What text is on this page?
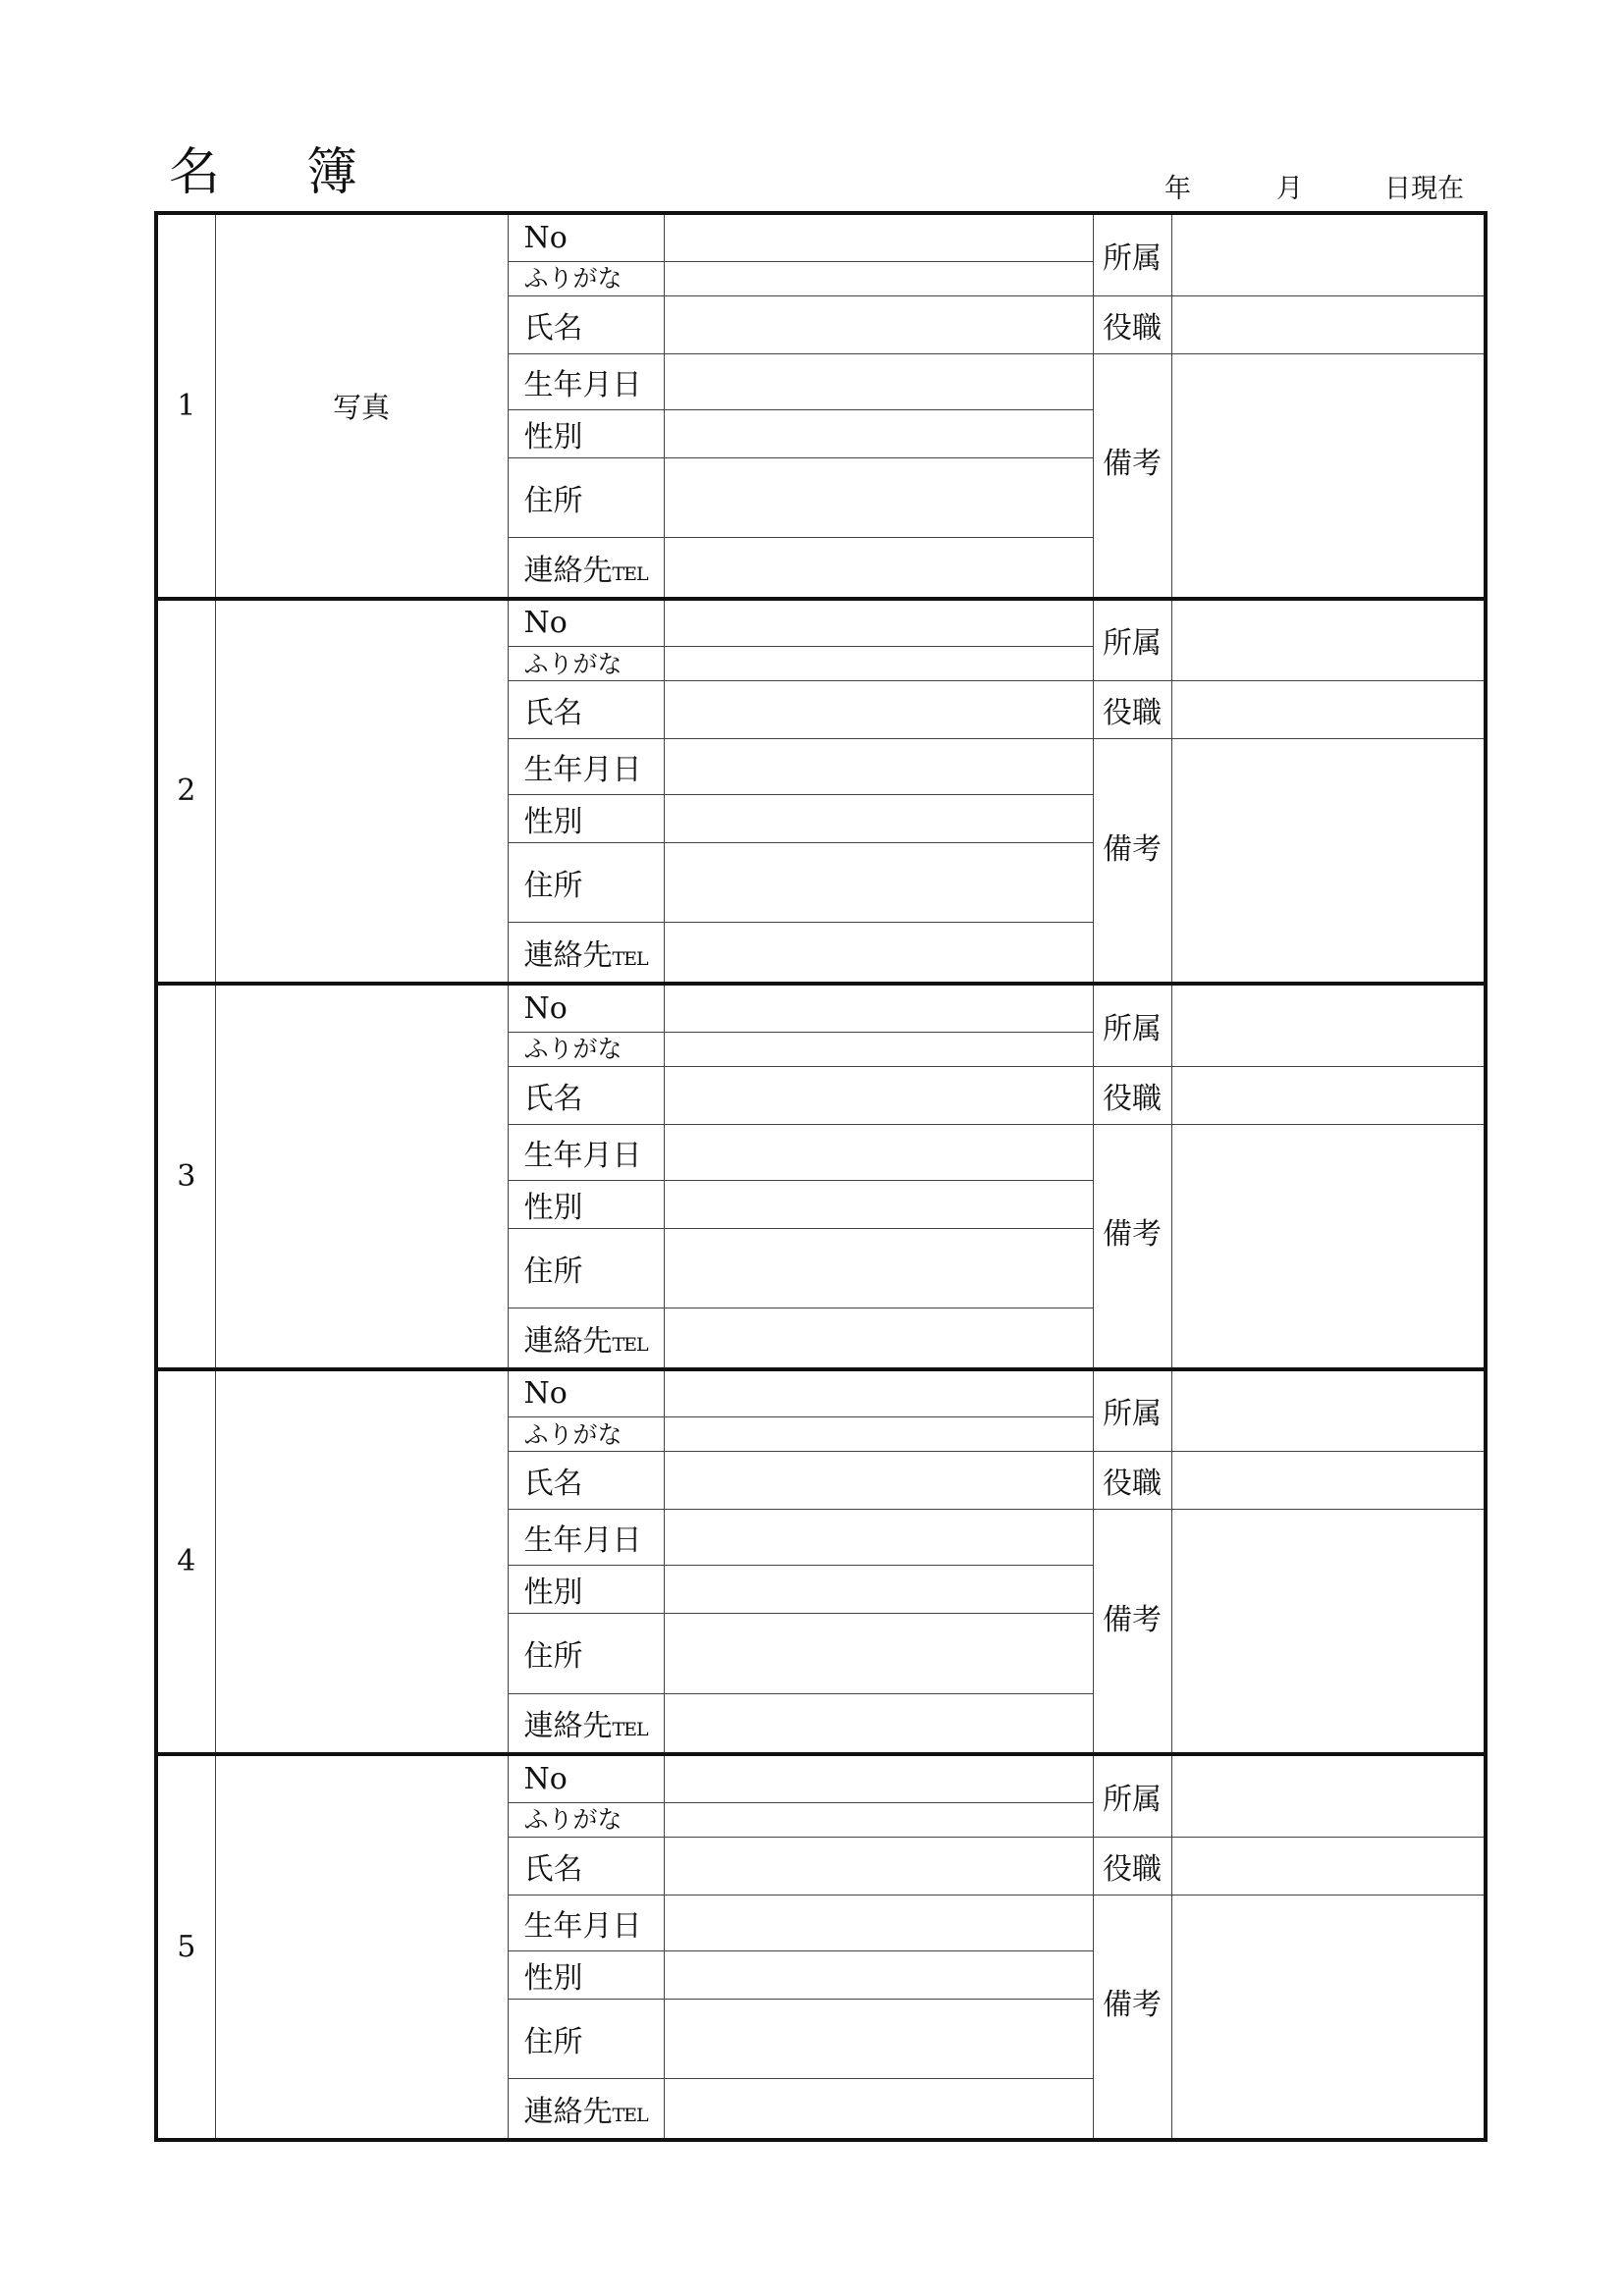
名簿	年	月	日現在
1	写真	No		所属	
		ふりがな			
		氏名		役職	
		生年月日		備考	
		性別			
		住所			
		連絡先TEL			
2		No		所属	
		ふりがな			
		氏名		役職	
		生年月日		備考	
		性別			
		住所			
		連絡先TEL			
3		No		所属	
		ふりがな			
		氏名		役職	
		生年月日		備考	
		性別			
		住所			
		連絡先TEL			
4		No		所属	
		ふりがな			
		氏名		役職	
		生年月日		備考	
		性別			
		住所			
		連絡先TEL			
5		No		所属	
		ふりがな			
		氏名		役職	
		生年月日		備考	
		性別			
		住所			
		連絡先TEL			
